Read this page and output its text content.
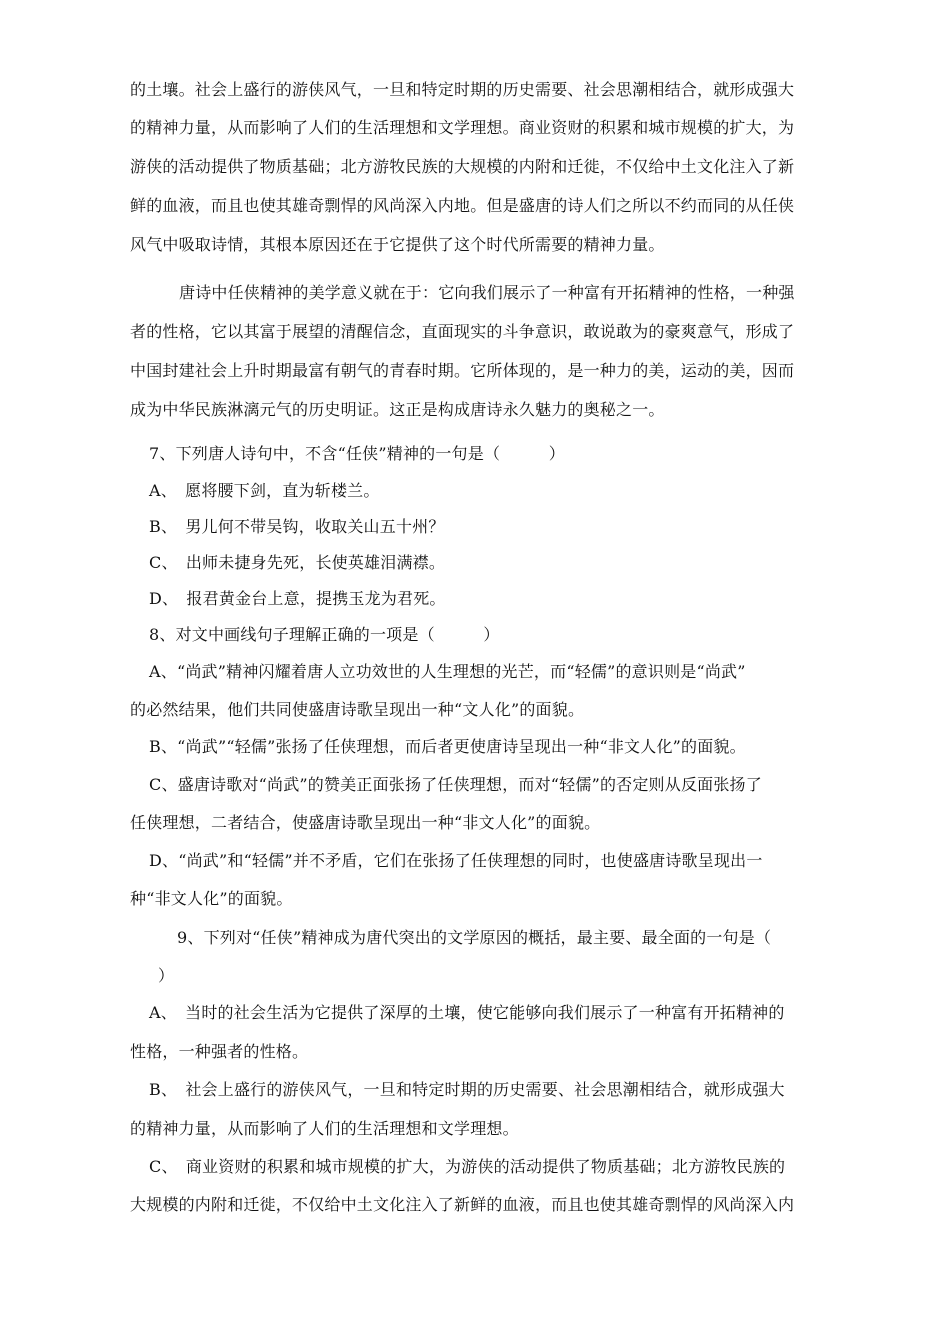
的土壤。社会上盛行的游侠风气，一旦和特定时期的历史需要、社会思潮相结合，就形成强大
的精神力量，从而影响了人们的生活理想和文学理想。商业资财的积累和城市规模的扩大，为
游侠的活动提供了物质基础；北方游牧民族的大规模的内附和迁徙，不仅给中土文化注入了新
鲜的血液，而且也使其雄奇剽悍的风尚深入内地。但是盛唐的诗人们之所以不约而同的从任侠
风气中吸取诗情，其根本原因还在于它提供了这个时代所需要的精神力量。
唐诗中任侠精神的美学意义就在于：它向我们展示了一种富有开拓精神的性格，一种强
者的性格，它以其富于展望的清醒信念，直面现实的斗争意识，敢说敢为的豪爽意气，形成了
中国封建社会上升时期最富有朝气的青春时期。它所体现的，是一种力的美，运动的美，因而
成为中华民族淋漓元气的历史明证。这正是构成唐诗永久魅力的奥秘之一。
7、下列唐人诗句中，不含“任侠”精神的一句是（　　　）
A、　愿将腰下剑，直为斩楼兰。
B、　男儿何不带吴钩，收取关山五十州？
C、　出师未捷身先死，长使英雄泪满襟。
D、　报君黄金台上意，提携玉龙为君死。
8、对文中画线句子理解正确的一项是（　　　）
A、“尚武”精神闪耀着唐人立功效世的人生理想的光芒，而“轻儒”的意识则是“尚武”
的必然结果，他们共同使盛唐诗歌呈现出一种“文人化”的面貌。
B、“尚武”“轻儒”张扬了任侠理想，而后者更使唐诗呈现出一种“非文人化”的面貌。
C、盛唐诗歌对“尚武”的赞美正面张扬了任侠理想，而对“轻儒”的否定则从反面张扬了
任侠理想，二者结合，使盛唐诗歌呈现出一种“非文人化”的面貌。
D、“尚武”和“轻儒”并不矛盾，它们在张扬了任侠理想的同时，也使盛唐诗歌呈现出一
种“非文人化”的面貌。
9、下列对“任侠”精神成为唐代突出的文学原因的概括，最主要、最全面的一句是（
）
A、　当时的社会生活为它提供了深厚的土壤，使它能够向我们展示了一种富有开拓精神的
性格，一种强者的性格。
B、　社会上盛行的游侠风气，一旦和特定时期的历史需要、社会思潮相结合，就形成强大
的精神力量，从而影响了人们的生活理想和文学理想。
C、　商业资财的积累和城市规模的扩大，为游侠的活动提供了物质基础；北方游牧民族的
大规模的内附和迁徙，不仅给中土文化注入了新鲜的血液，而且也使其雄奇剽悍的风尚深入内
